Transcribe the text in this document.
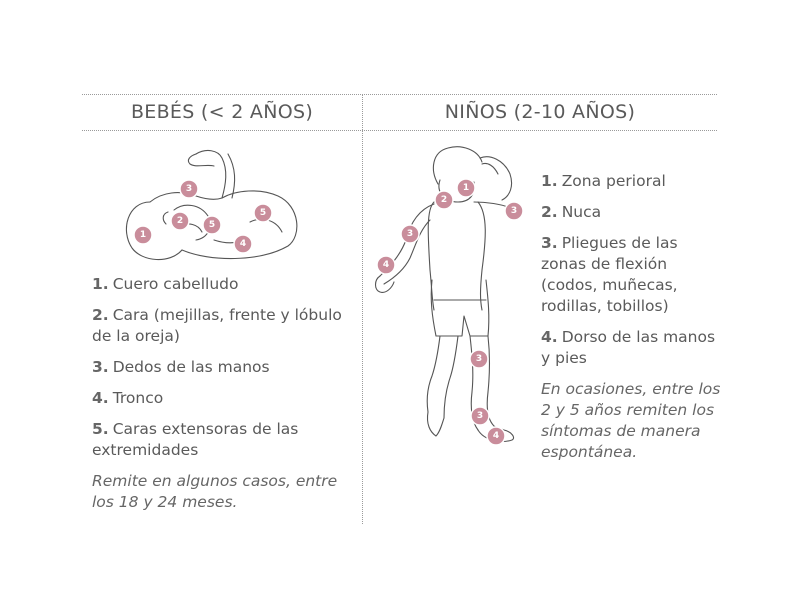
BEBÉS (< 2 AÑOS)	NIÑOS (2-10 AÑOS)
1
2
3
4
5
5
1. Cuero cabelludo
2. Cara (mejillas, frente y lóbulo de la oreja)
3. Dedos de las manos
4. Tronco
5. Caras extensoras de las extremidades
Remite en algunos casos, entre los 18 y 24 meses.
1
2
3
3
4
3
3
4
1. Zona perioral
2. Nuca
3. Pliegues de las zonas de flexión (codos, muñecas, rodillas, tobillos)
4. Dorso de las manos y pies
En ocasiones, entre los 2 y 5 años remiten los síntomas de manera espontánea.
